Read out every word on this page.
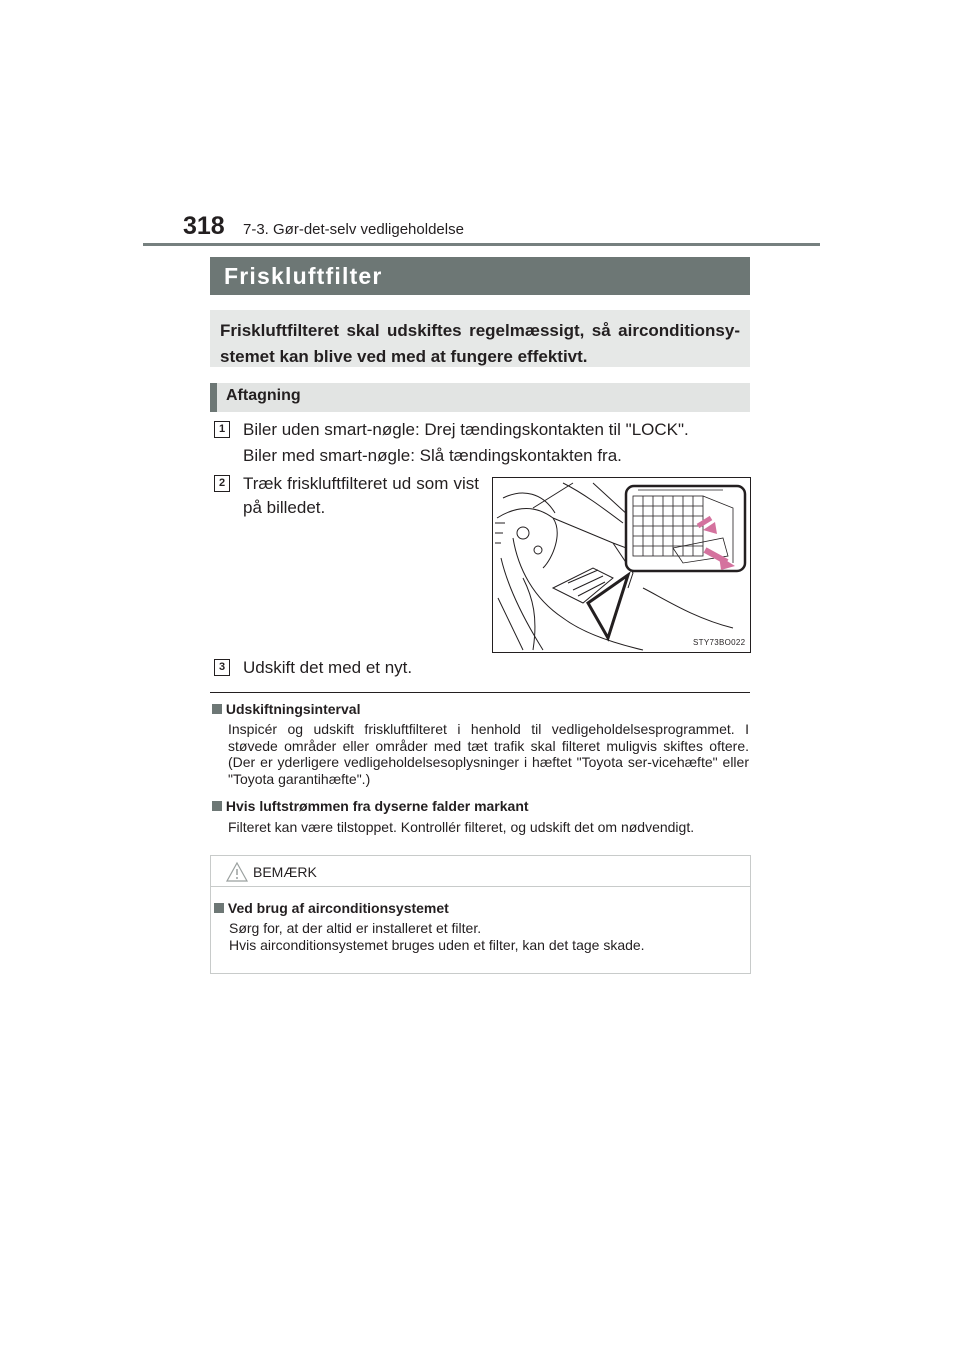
318 7-3. Gør-det-selv vedligeholdelse
Friskluftfilter
Friskluftfilteret skal udskiftes regelmæssigt, så airconditionsy-stemet kan blive ved med at fungere effektivt.
Aftagning
1 Biler uden smart-nøgle: Drej tændingskontakten til "LOCK".
Biler med smart-nøgle: Slå tændingskontakten fra.
2 Træk friskluftfilteret ud som vist
på billedet.
STY73BO022
3 Udskift det med et nyt.
Udskiftningsinterval
Inspicér og udskift friskluftfilteret i henhold til vedligeholdelsesprogrammet. I støvede områder eller områder med tæt trafik skal filteret muligvis skiftes oftere. (Der er yderligere vedligeholdelsesoplysninger i hæftet "Toyota ser-vicehæfte" eller "Toyota garantihæfte".)
Hvis luftstrømmen fra dyserne falder markant
Filteret kan være tilstoppet. Kontrollér filteret, og udskift det om nødvendigt.
BEMÆRK
Ved brug af airconditionsystemet
Sørg for, at der altid er installeret et filter.
Hvis airconditionsystemet bruges uden et filter, kan det tage skade.
